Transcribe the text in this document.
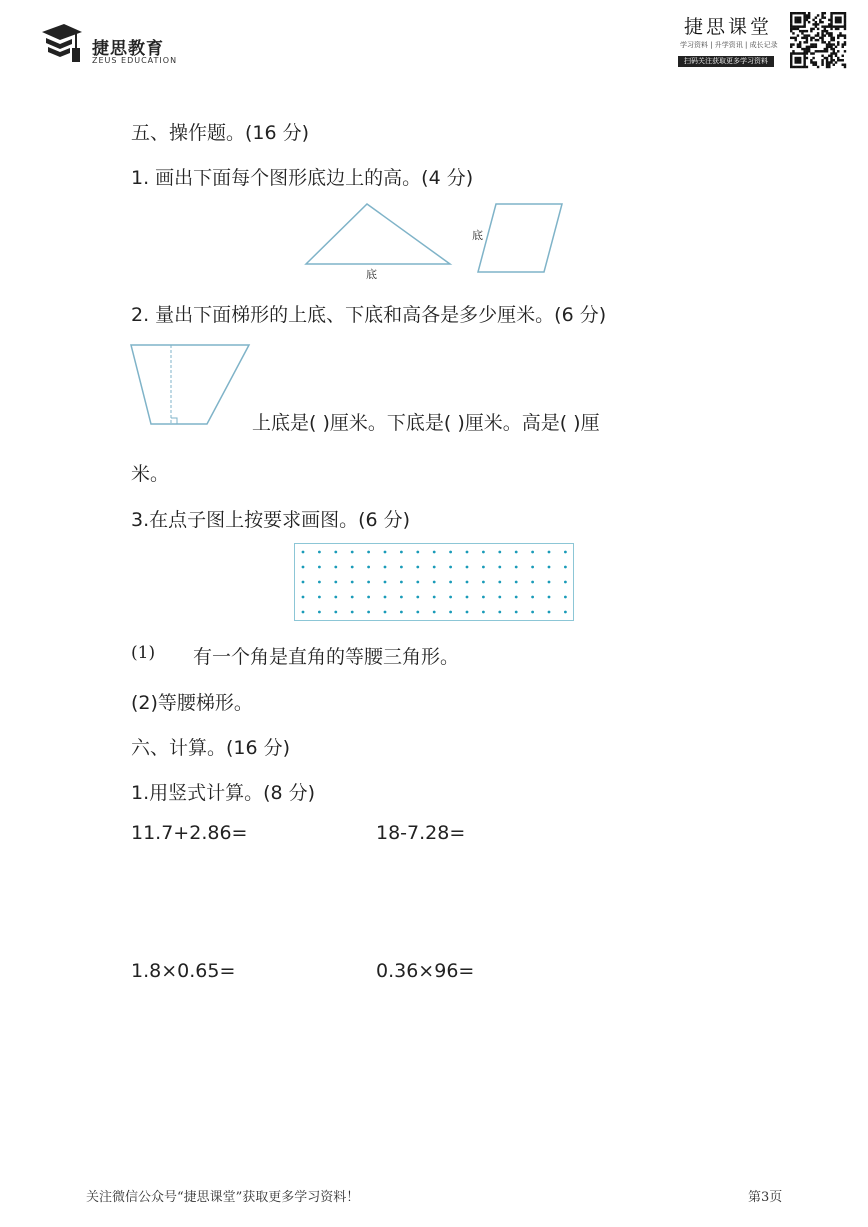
捷思教育
ZEUS EDUCATION
捷思课堂
学习资料 | 升学资讯 | 成长记录
扫码关注获取更多学习资料
五、操作题。(16 分)
1. 画出下面每个图形底边上的高。(4 分)
底
底
2. 量出下面梯形的上底、下底和高各是多少厘米。(6 分)
上底是( )厘米。下底是( )厘米。高是( )厘
米。
3.在点子图上按要求画图。(6 分)
(1) 有一个角是直角的等腰三角形。
(2)等腰梯形。
六、计算。(16 分)
1.用竖式计算。(8 分)
11.7+2.86=	18-7.28=
1.8×0.65=	0.36×96=
关注微信公众号“捷思课堂”获取更多学习资料！	第3页
